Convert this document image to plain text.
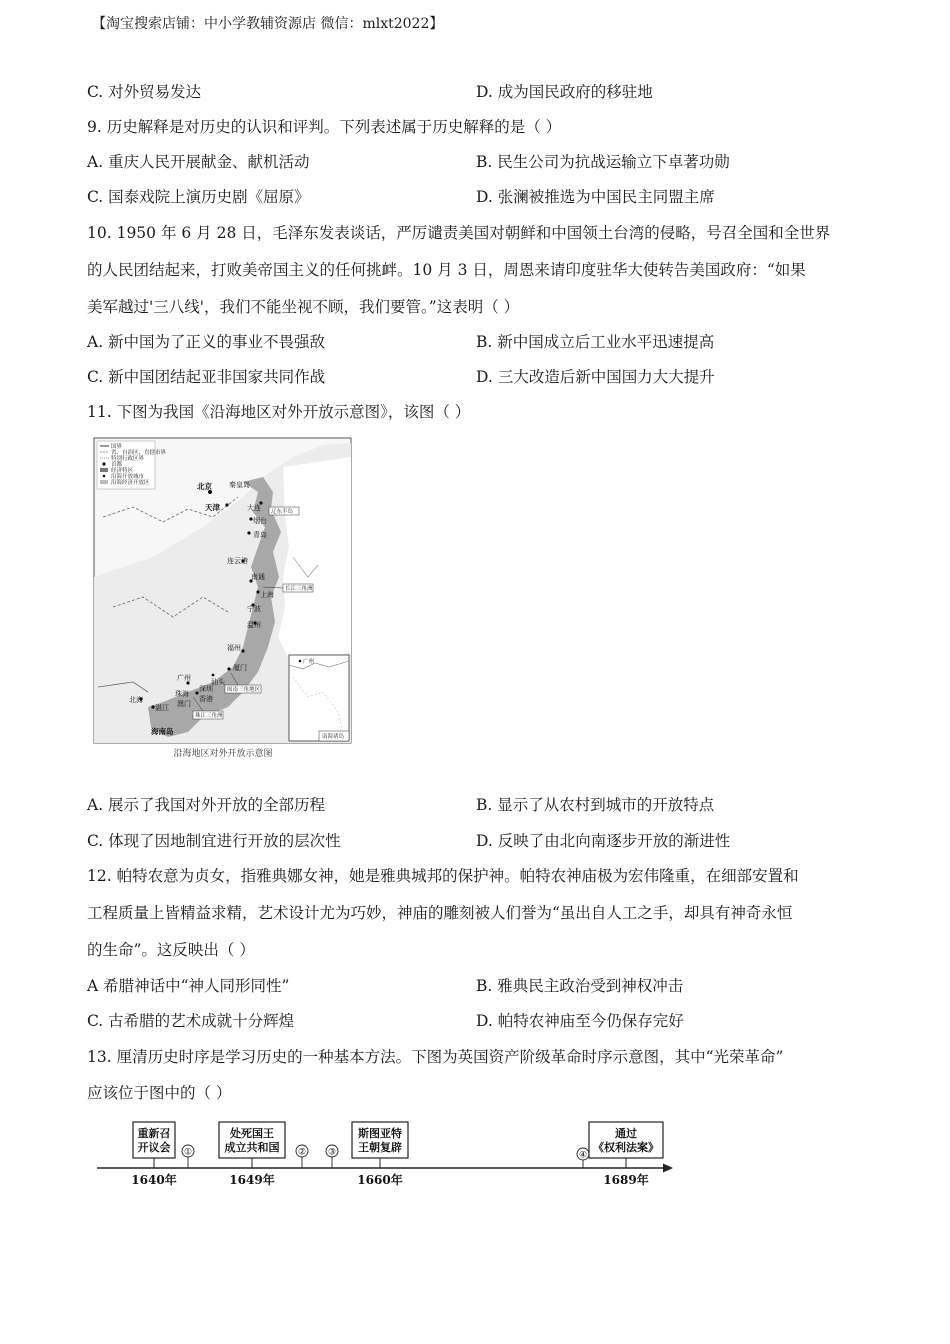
【淘宝搜索店铺：中小学教辅资源店 微信：mlxt2022】
C. 对外贸易发达	D. 成为国民政府的移驻地
9. 历史解释是对历史的认识和评判。下列表述属于历史解释的是（ ）
A. 重庆人民开展献金、献机活动	B. 民生公司为抗战运输立下卓著功勋
C. 国泰戏院上演历史剧《屈原》	D. 张澜被推选为中国民主同盟主席
10. 1950 年 6 月 28 日，毛泽东发表谈话，严厉谴责美国对朝鲜和中国领土台湾的侵略，号召全国和全世界
的人民团结起来，打败美帝国主义的任何挑衅。10 月 3 日，周恩来请印度驻华大使转告美国政府：“如果
美军越过'三八线'，我们不能坐视不顾，我们要管。”这表明（ ）
A. 新中国为了正义的事业不畏强敌	B. 新中国成立后工业水平迅速提高
C. 新中国团结起亚非国家共同作战	D. 三大改造后新中国国力大大提升
11. 下图为我国《沿海地区对外开放示意图》，该图（ ）
国界
省、自治区、直辖市界
特别行政区界
首都
经济特区
沿海开放城市
沿海经济开放区	北京 秦皇岛
天津	大连
烟台
青岛
连云港
南通
上海
宁波
温州
福州
厦门
广州
深圳
珠海
香港
澳门
北海
湛江
海南岛
汕头
辽东半岛
长江三角洲
闽南三角地区
珠江三角洲
广州
南海诸岛
沿海地区对外开放示意图
A. 展示了我国对外开放的全部历程	B. 显示了从农村到城市的开放特点
C. 体现了因地制宜进行开放的层次性	D. 反映了由北向南逐步开放的渐进性
12. 帕特农意为贞女，指雅典娜女神，她是雅典城邦的保护神。帕特农神庙极为宏伟隆重，在细部安置和
工程质量上皆精益求精，艺术设计尤为巧妙，神庙的雕刻被人们誉为“虽出自人工之手，却具有神奇永恒
的生命”。这反映出（ ）
A 希腊神话中“神人同形同性”	B. 雅典民主政治受到神权冲击
C. 古希腊的艺术成就十分辉煌	D. 帕特农神庙至今仍保存完好
13. 厘清历史时序是学习历史的一种基本方法。下图为英国资产阶级革命时序示意图，其中“光荣革命”
应该位于图中的（ ）
重新召
开议会
1640年
①
处死国王
成立共和国
1649年
② ③
斯图亚特
王朝复辟
1660年
④
通过
《权利法案》
1689年
